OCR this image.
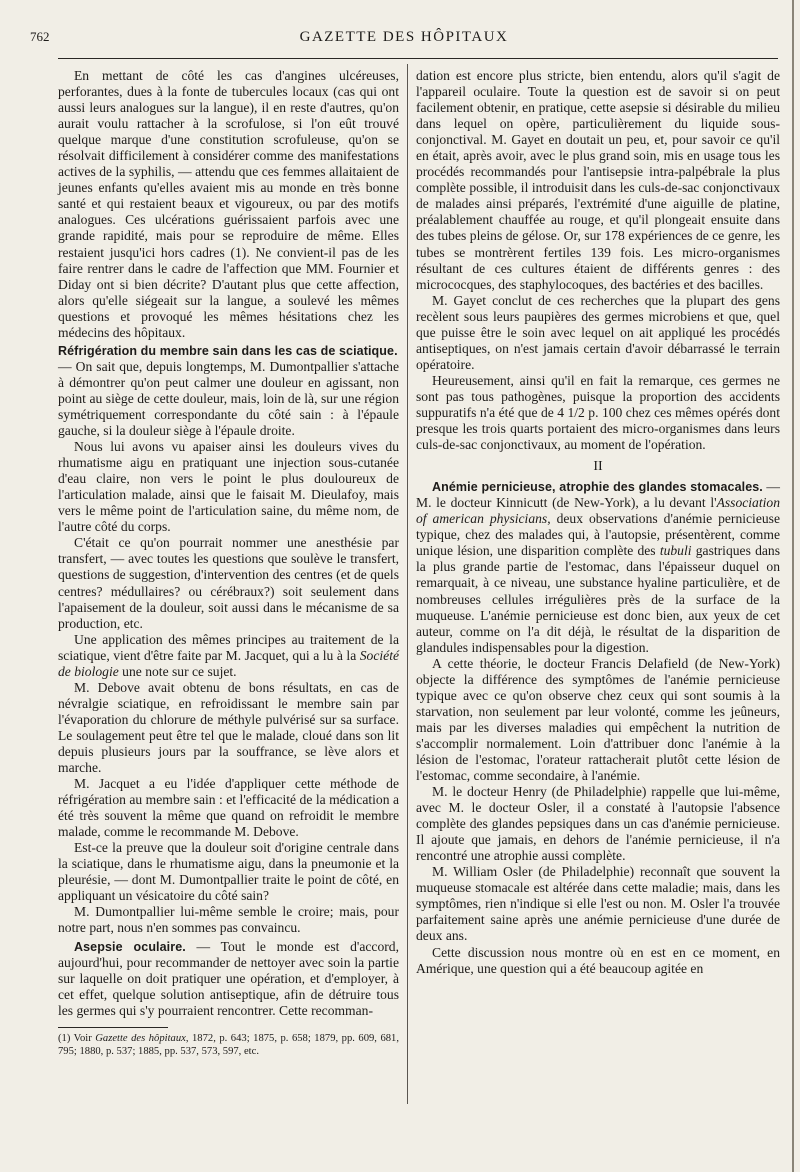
762	GAZETTE DES HÔPITAUX

En mettant de côté les cas d'angines ulcéreuses, perforantes, dues à la fonte de tubercules locaux (cas qui ont aussi leurs analogues sur la langue), il en reste d'autres, qu'on aurait voulu rattacher à la scrofulose, si l'on eût trouvé quelque marque d'une constitution scrofuleuse, qu'on se résolvait difficilement à considérer comme des manifestations actives de la syphilis, — attendu que ces femmes allaitaient de jeunes enfants qu'elles avaient mis au monde en très bonne santé et qui restaient beaux et vigoureux, ou par des motifs analogues. Ces ulcérations guérissaient parfois avec une grande rapidité, mais pour se reproduire de même. Elles restaient jusqu'ici hors cadres (1). Ne convient-il pas de les faire rentrer dans le cadre de l'affection que MM. Fournier et Diday ont si bien décrite? D'autant plus que cette affection, alors qu'elle siégeait sur la langue, a soulevé les mêmes questions et provoqué les mêmes hésitations chez les médecins des hôpitaux.

Réfrigération du membre sain dans les cas de sciatique.

— On sait que, depuis longtemps, M. Dumontpallier s'attache à démontrer qu'on peut calmer une douleur en agissant, non point au siège de cette douleur, mais, loin de là, sur une région symétriquement correspondante du côté sain : à l'épaule gauche, si la douleur siège à l'épaule droite.

Nous lui avons vu apaiser ainsi les douleurs vives du rhumatisme aigu en pratiquant une injection sous-cutanée d'eau claire, non vers le point le plus douloureux de l'articulation malade, ainsi que le faisait M. Dieulafoy, mais vers le même point de l'articulation saine, du même nom, de l'autre côté du corps.

C'était ce qu'on pourrait nommer une anesthésie par transfert, — avec toutes les questions que soulève le transfert, questions de suggestion, d'intervention des centres (et de quels centres? médullaires? ou cérébraux?) soit seulement dans l'apaisement de la douleur, soit aussi dans le mécanisme de sa production, etc.

Une application des mêmes principes au traitement de la sciatique, vient d'être faite par M. Jacquet, qui a lu à la Société de biologie une note sur ce sujet.

M. Debove avait obtenu de bons résultats, en cas de névralgie sciatique, en refroidissant le membre sain par l'évaporation du chlorure de méthyle pulvérisé sur sa surface. Le soulagement peut être tel que le malade, cloué dans son lit depuis plusieurs jours par la souffrance, se lève alors et marche.

M. Jacquet a eu l'idée d'appliquer cette méthode de réfrigération au membre sain : et l'efficacité de la médication a été très souvent la même que quand on refroidit le membre malade, comme le recommande M. Debove.

Est-ce la preuve que la douleur soit d'origine centrale dans la sciatique, dans le rhumatisme aigu, dans la pneumonie et la pleurésie, — dont M. Dumontpallier traite le point de côté, en appliquant un vésicatoire du côté sain?

M. Dumontpallier lui-même semble le croire; mais, pour notre part, nous n'en sommes pas convaincu.

Asepsie oculaire. — Tout le monde est d'accord, aujourd'hui, pour recommander de nettoyer avec soin la partie sur laquelle on doit pratiquer une opération, et d'employer, à cet effet, quelque solution antiseptique, afin de détruire tous les germes qui s'y pourraient rencontrer. Cette recomman-

(1) Voir Gazette des hôpitaux, 1872, p. 643; 1875, p. 658; 1879, pp. 609, 681, 795; 1880, p. 537; 1885, pp. 537, 573, 597, etc.

dation est encore plus stricte, bien entendu, alors qu'il s'agit de l'appareil oculaire. Toute la question est de savoir si on peut facilement obtenir, en pratique, cette asepsie si désirable du milieu dans lequel on opère, particulièrement du liquide sous-conjonctival. M. Gayet en doutait un peu, et, pour savoir ce qu'il en était, après avoir, avec le plus grand soin, mis en usage tous les procédés recommandés pour l'antisepsie intra-palpébrale la plus complète possible, il introduisit dans les culs-de-sac conjonctivaux de malades ainsi préparés, l'extrémité d'une aiguille de platine, préalablement chauffée au rouge, et qu'il plongeait ensuite dans des tubes pleins de gélose. Or, sur 178 expériences de ce genre, les tubes se montrèrent fertiles 139 fois. Les micro-organismes résultant de ces cultures étaient de différents genres : des micrococques, des staphylocoques, des bactéries et des bacilles.

M. Gayet conclut de ces recherches que la plupart des gens recèlent sous leurs paupières des germes microbiens et que, quel que puisse être le soin avec lequel on ait appliqué les procédés antiseptiques, on n'est jamais certain d'avoir débarrassé le terrain opératoire.

Heureusement, ainsi qu'il en fait la remarque, ces germes ne sont pas tous pathogènes, puisque la proportion des accidents suppuratifs n'a été que de 4 1/2 p. 100 chez ces mêmes opérés dont presque les trois quarts portaient des micro-organismes dans leurs culs-de-sac conjonctivaux, au moment de l'opération.

II

Anémie pernicieuse, atrophie des glandes stomacales. — M. le docteur Kinnicutt (de New-York), a lu devant l'Association of american physicians, deux observations d'anémie pernicieuse typique, chez des malades qui, à l'autopsie, présentèrent, comme unique lésion, une disparition complète des tubuli gastriques dans la plus grande partie de l'estomac, dans l'épaisseur duquel on remarquait, à ce niveau, une substance hyaline particulière, et de nombreuses cellules irrégulières près de la surface de la muqueuse. L'anémie pernicieuse est donc bien, aux yeux de cet auteur, comme on l'a dit déjà, le résultat de la disparition de glandules indispensables pour la digestion.

A cette théorie, le docteur Francis Delafield (de New-York) objecte la différence des symptômes de l'anémie pernicieuse typique avec ce qu'on observe chez ceux qui sont soumis à la starvation, non seulement par leur volonté, comme les jeûneurs, mais par les diverses maladies qui empêchent la nutrition de s'accomplir normalement. Loin d'attribuer donc l'anémie à la lésion de l'estomac, l'orateur rattacherait plutôt cette lésion de l'estomac, comme secondaire, à l'anémie.

M. le docteur Henry (de Philadelphie) rappelle que lui-même, avec M. le docteur Osler, il a constaté à l'autopsie l'absence complète des glandes pepsiques dans un cas d'anémie pernicieuse. Il ajoute que jamais, en dehors de l'anémie pernicieuse, il n'a rencontré une atrophie aussi complète.

M. William Osler (de Philadelphie) reconnaît que souvent la muqueuse stomacale est altérée dans cette maladie; mais, dans les symptômes, rien n'indique si elle l'est ou non. M. Osler l'a trouvée parfaitement saine après une anémie pernicieuse d'une durée de deux ans.

Cette discussion nous montre où en est en ce moment, en Amérique, une question qui a été beaucoup agitée en
